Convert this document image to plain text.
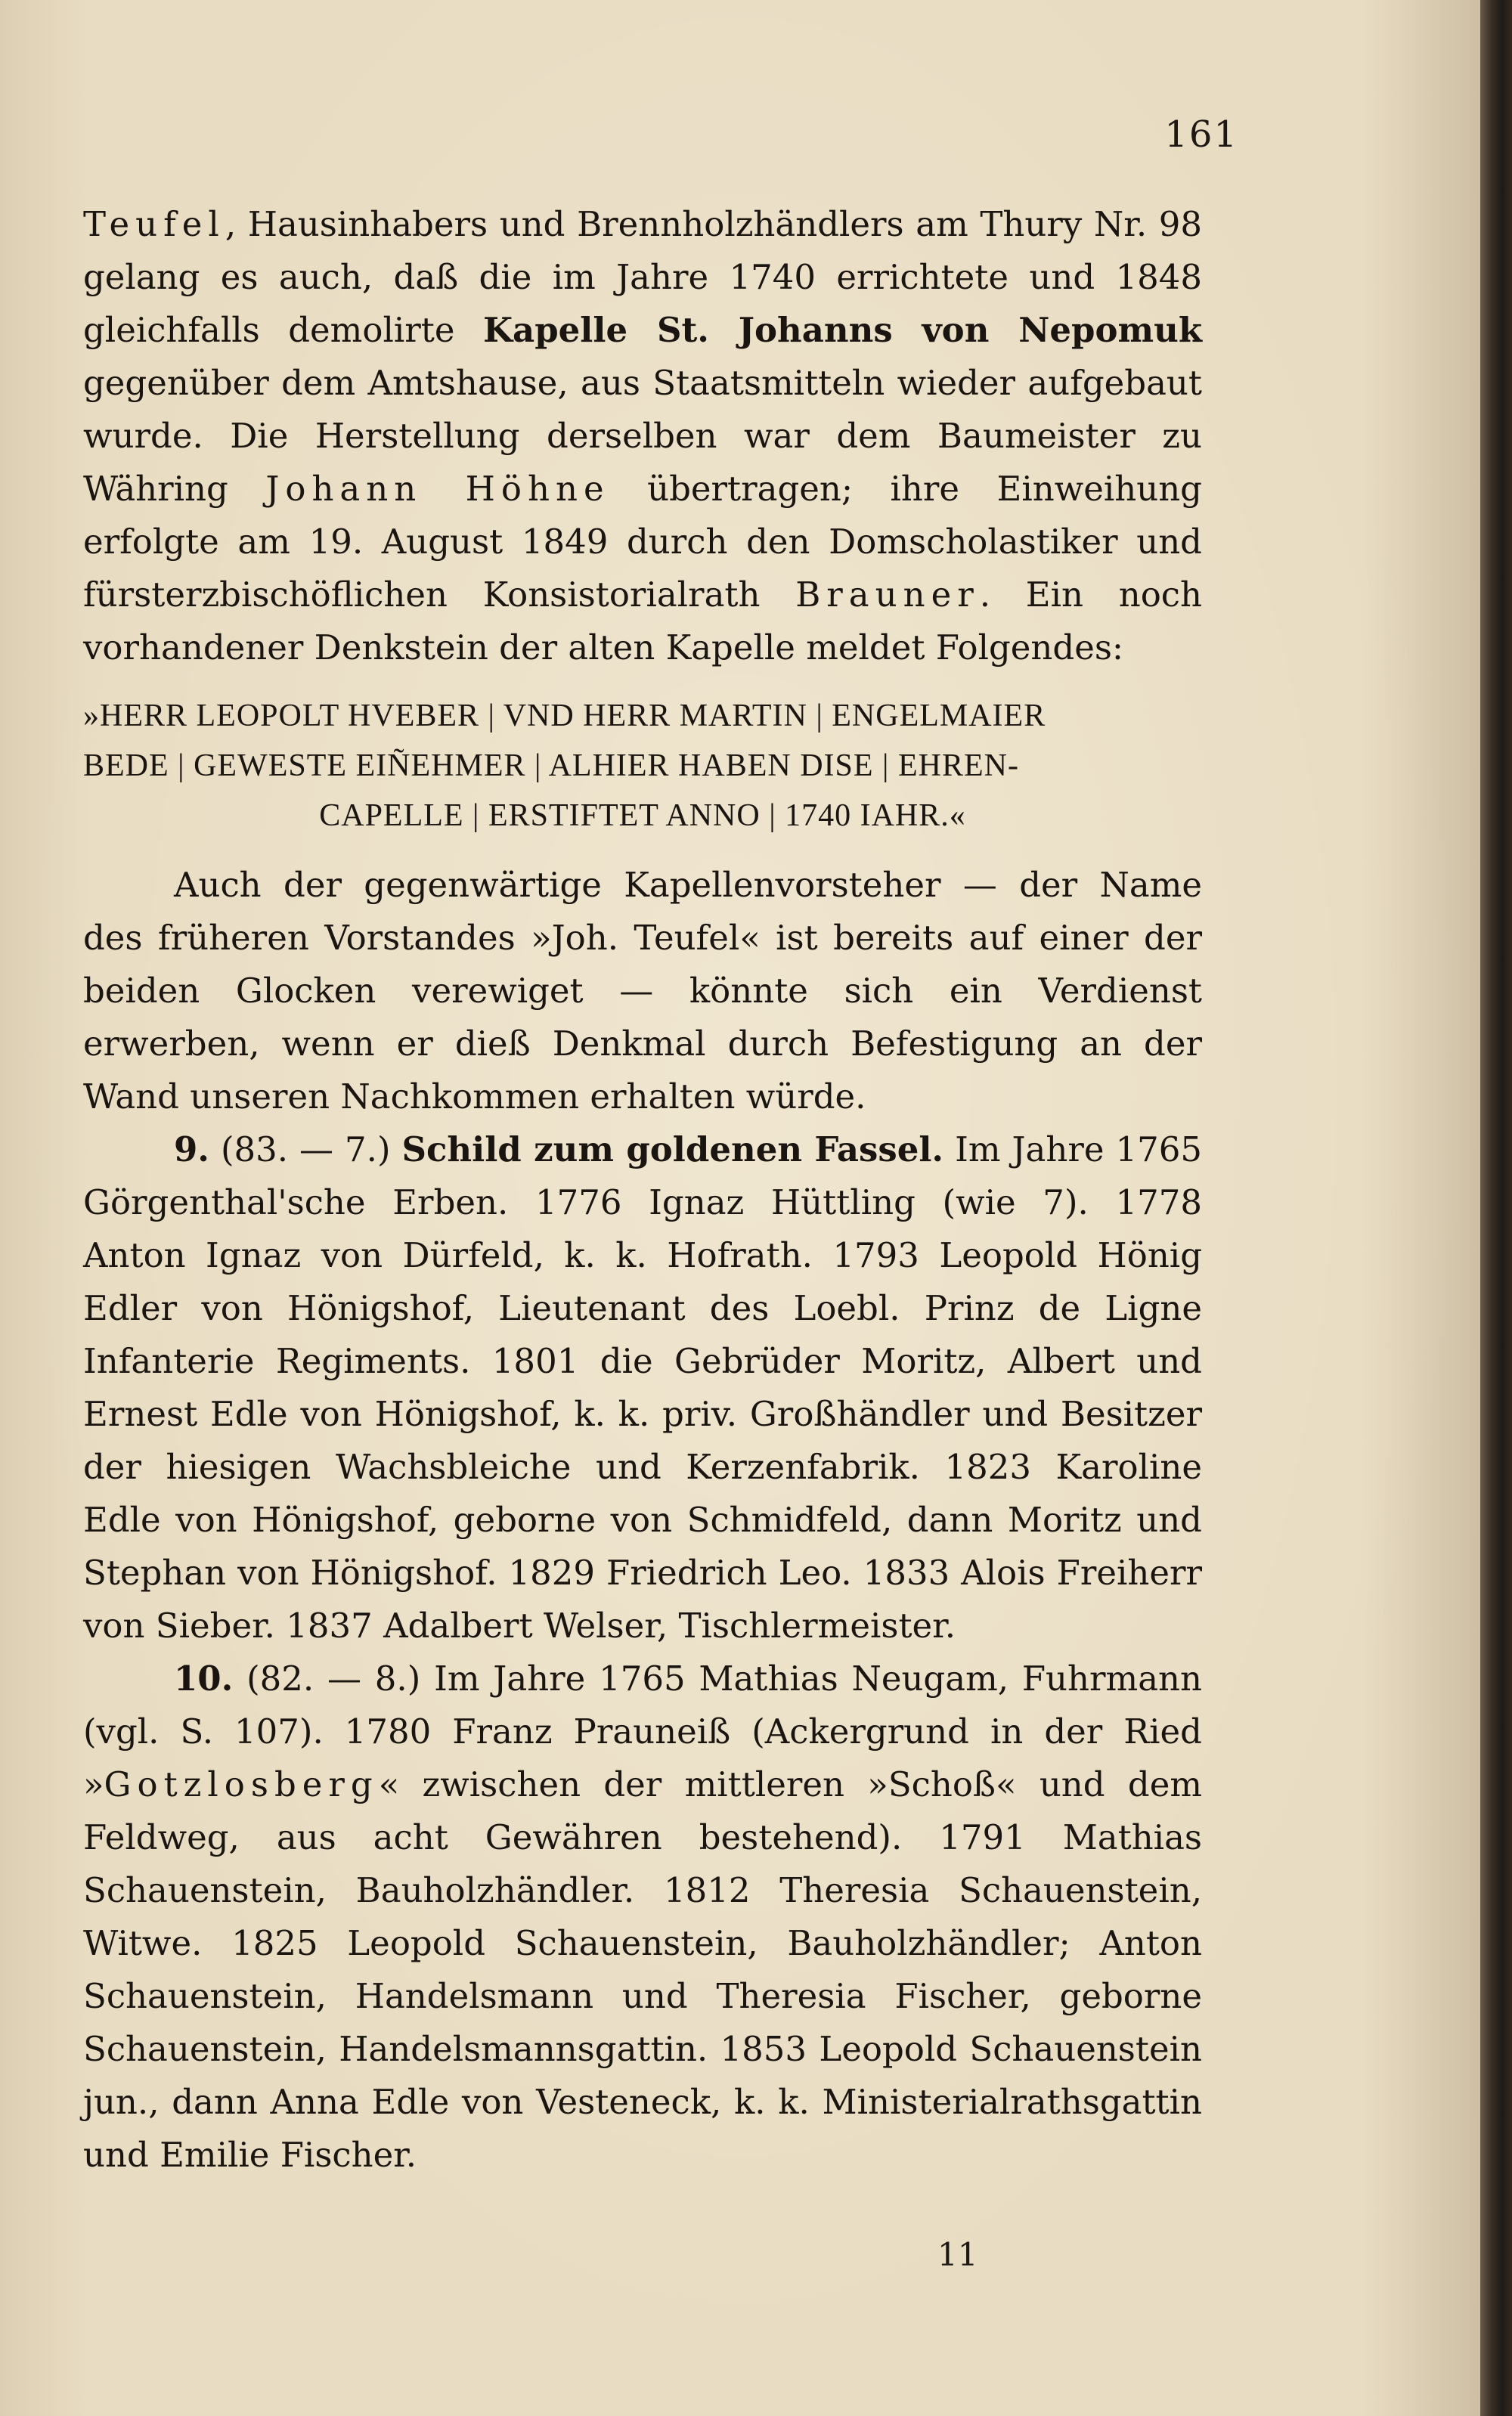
161

Teufel, Hausinhabers und Brennholzhändlers am Thury Nr. 98 gelang es auch, daß die im Jahre 1740 errichtete und 1848 gleichfalls demolirte Kapelle St. Johanns von Nepomuk gegenüber dem Amtshause, aus Staatsmitteln wieder aufgebaut wurde. Die Herstellung derselben war dem Baumeister zu Währing Johann Höhne übertragen; ihre Einweihung erfolgte am 19. August 1849 durch den Domscholastiker und fürsterzbischöflichen Konsistorialrath Brauner. Ein noch vorhandener Denkstein der alten Kapelle meldet Folgendes:

»HERR LEOPOLT HVEBER | VND HERR MARTIN | ENGELMAIER
BEDE | GEWESTE EIÑEHMER | ALHIER HABEN DISE | EHREN-

CAPELLE | ERSTIFTET ANNO | 1740 IAHR.«

Auch der gegenwärtige Kapellenvorsteher — der Name des früheren Vorstandes »Joh. Teufel« ist bereits auf einer der beiden Glocken verewiget — könnte sich ein Verdienst erwerben, wenn er dieß Denkmal durch Befestigung an der Wand unseren Nachkommen erhalten würde.

9. (83. — 7.) Schild zum goldenen Fassel. Im Jahre 1765 Görgenthal'sche Erben. 1776 Ignaz Hüttling (wie 7). 1778 Anton Ignaz von Dürfeld, k. k. Hofrath. 1793 Leopold Hönig Edler von Hönigshof, Lieutenant des Loebl. Prinz de Ligne Infanterie Regiments. 1801 die Gebrüder Moritz, Albert und Ernest Edle von Hönigshof, k. k. priv. Großhändler und Besitzer der hiesigen Wachsbleiche und Kerzenfabrik. 1823 Karoline Edle von Hönigshof, geborne von Schmidfeld, dann Moritz und Stephan von Hönigshof. 1829 Friedrich Leo. 1833 Alois Freiherr von Sieber. 1837 Adalbert Welser, Tischlermeister.

10. (82. — 8.) Im Jahre 1765 Mathias Neugam, Fuhrmann (vgl. S. 107). 1780 Franz Prauneiß (Ackergrund in der Ried »Gotzlosberg« zwischen der mittleren »Schoß« und dem Feldweg, aus acht Gewähren bestehend). 1791 Mathias Schauenstein, Bauholzhändler. 1812 Theresia Schauenstein, Witwe. 1825 Leopold Schauenstein, Bauholzhändler; Anton Schauenstein, Handelsmann und Theresia Fischer, geborne Schauenstein, Handelsmannsgattin. 1853 Leopold Schauenstein jun., dann Anna Edle von Vesteneck, k. k. Ministerialrathsgattin und Emilie Fischer.

11
